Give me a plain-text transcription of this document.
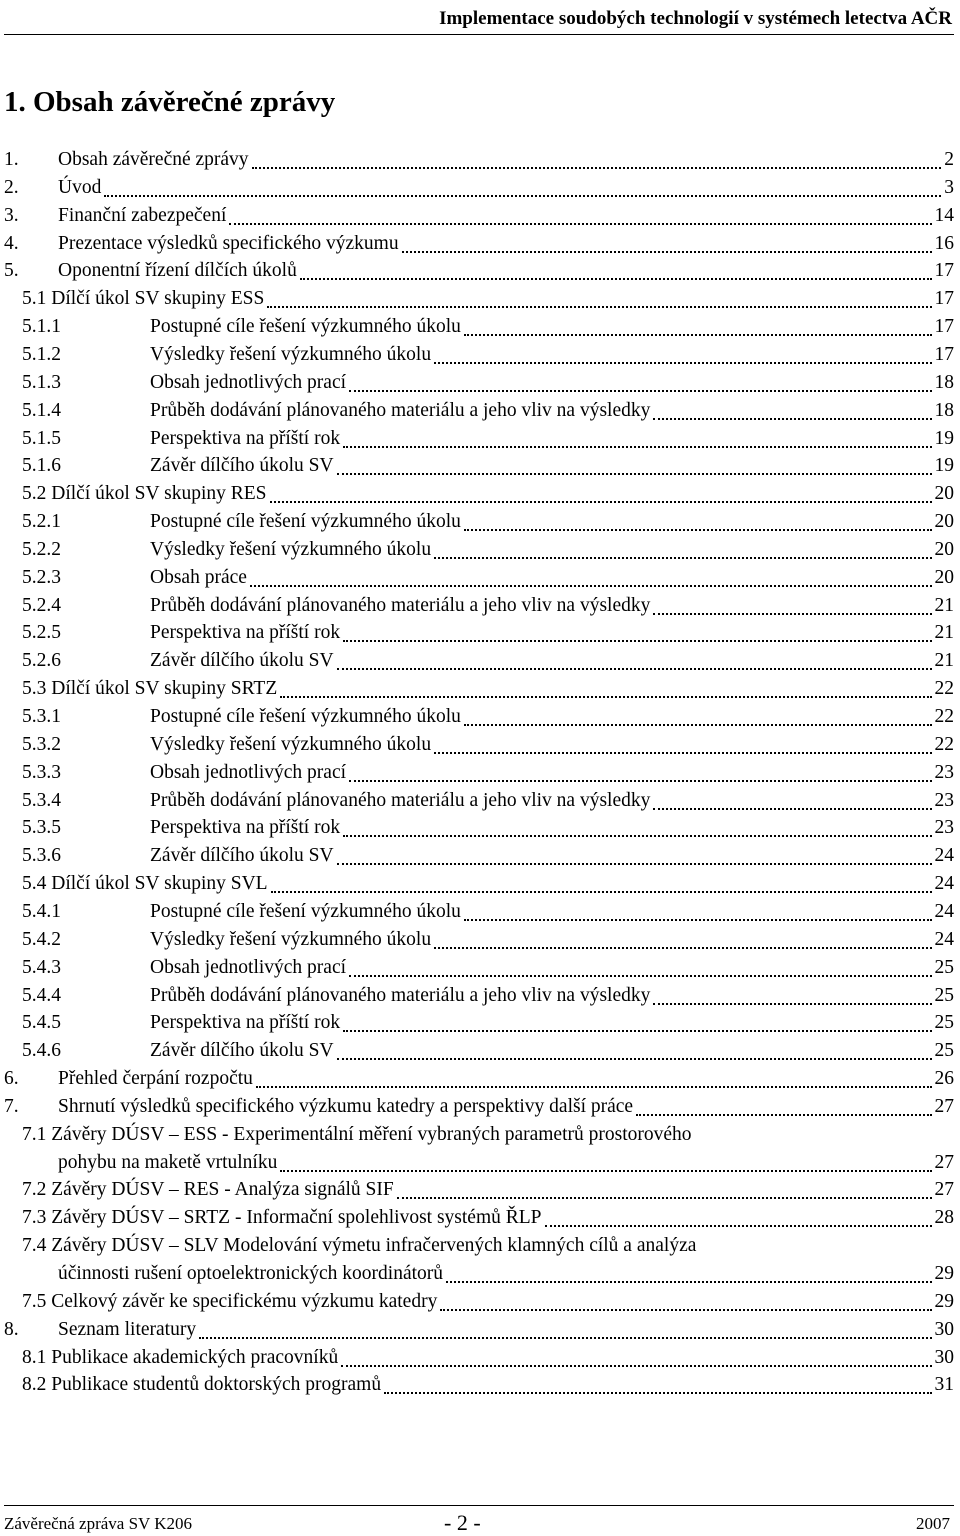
Implementace soudobých technologií v systémech letectva AČR
1. Obsah závěrečné zprávy
1. Obsah závěrečné zprávy	2
2. Úvod	3
3. Finanční zabezpečení	14
4. Prezentace výsledků specifického výzkumu	16
5. Oponentní řízení dílčích úkolů	17
5.1 Dílčí úkol SV skupiny ESS	17
5.1.1	Postupné cíle řešení výzkumného úkolu	17
5.1.2	Výsledky řešení výzkumného úkolu	17
5.1.3	Obsah jednotlivých prací	18
5.1.4	Průběh dodávání plánovaného materiálu a jeho vliv na výsledky	18
5.1.5	Perspektiva na příští rok	19
5.1.6	Závěr dílčího úkolu SV	19
5.2 Dílčí úkol SV skupiny RES	20
5.2.1	Postupné cíle řešení výzkumného úkolu	20
5.2.2	Výsledky řešení výzkumného úkolu	20
5.2.3	Obsah práce	20
5.2.4	Průběh dodávání plánovaného materiálu a jeho vliv na výsledky	21
5.2.5	Perspektiva na příští rok	21
5.2.6	Závěr dílčího úkolu SV	21
5.3 Dílčí úkol SV skupiny SRTZ	22
5.3.1	Postupné cíle řešení výzkumného úkolu	22
5.3.2	Výsledky řešení výzkumného úkolu	22
5.3.3	Obsah jednotlivých prací	23
5.3.4	Průběh dodávání plánovaného materiálu a jeho vliv na výsledky	23
5.3.5	Perspektiva na příští rok	23
5.3.6	Závěr dílčího úkolu SV	24
5.4 Dílčí úkol SV skupiny SVL	24
5.4.1	Postupné cíle řešení výzkumného úkolu	24
5.4.2	Výsledky řešení výzkumného úkolu	24
5.4.3	Obsah jednotlivých prací	25
5.4.4	Průběh dodávání plánovaného materiálu a jeho vliv na výsledky	25
5.4.5	Perspektiva na příští rok	25
5.4.6	Závěr dílčího úkolu SV	25
6. Přehled čerpání rozpočtu	26
7. Shrnutí výsledků specifického výzkumu katedry a perspektivy další práce	27
7.1 Závěry DÚSV – ESS - Experimentální měření vybraných parametrů prostorového
pohybu na maketě vrtulníku	27
7.2 Závěry DÚSV – RES - Analýza signálů SIF	27
7.3 Závěry DÚSV – SRTZ - Informační spolehlivost systémů ŘLP	28
7.4 Závěry DÚSV – SLV Modelování výmetu infračervených klamných cílů a analýza
účinnosti rušení optoelektronických koordinátorů	29
7.5 Celkový závěr ke specifickému výzkumu katedry	29
8. Seznam literatury	30
8.1 Publikace akademických pracovníků	30
8.2 Publikace studentů doktorských programů	31
Závěrečná zpráva SV K206	- 2 -	2007
